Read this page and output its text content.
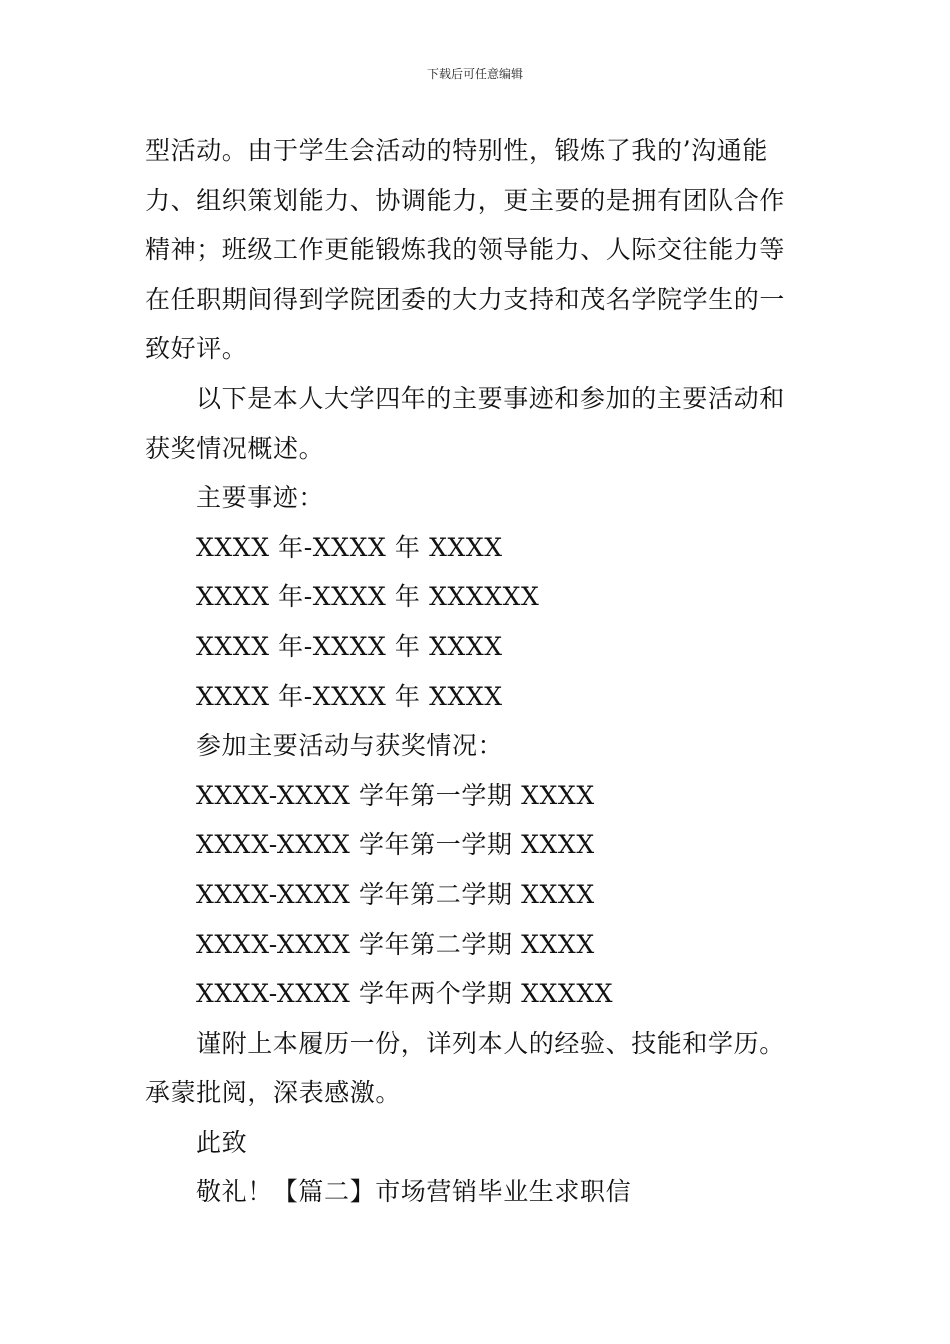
下载后可任意编辑
型活动。由于学生会活动的特别性，锻炼了我的’沟通能
力、组织策划能力、协调能力，更主要的是拥有团队合作
精神；班级工作更能锻炼我的领导能力、人际交往能力等
在任职期间得到学院团委的大力支持和茂名学院学生的一
致好评。
以下是本人大学四年的主要事迹和参加的主要活动和
获奖情况概述。
主要事迹：
XXXX 年-XXXX 年 XXXX
XXXX 年-XXXX 年 XXXXXX
XXXX 年-XXXX 年 XXXX
XXXX 年-XXXX 年 XXXX
参加主要活动与获奖情况：
XXXX-XXXX 学年第一学期 XXXX
XXXX-XXXX 学年第一学期 XXXX
XXXX-XXXX 学年第二学期 XXXX
XXXX-XXXX 学年第二学期 XXXX
XXXX-XXXX 学年两个学期 XXXXX
谨附上本履历一份，详列本人的经验、技能和学历。
承蒙批阅，深表感激。
此致
敬礼！【篇二】市场营销毕业生求职信
